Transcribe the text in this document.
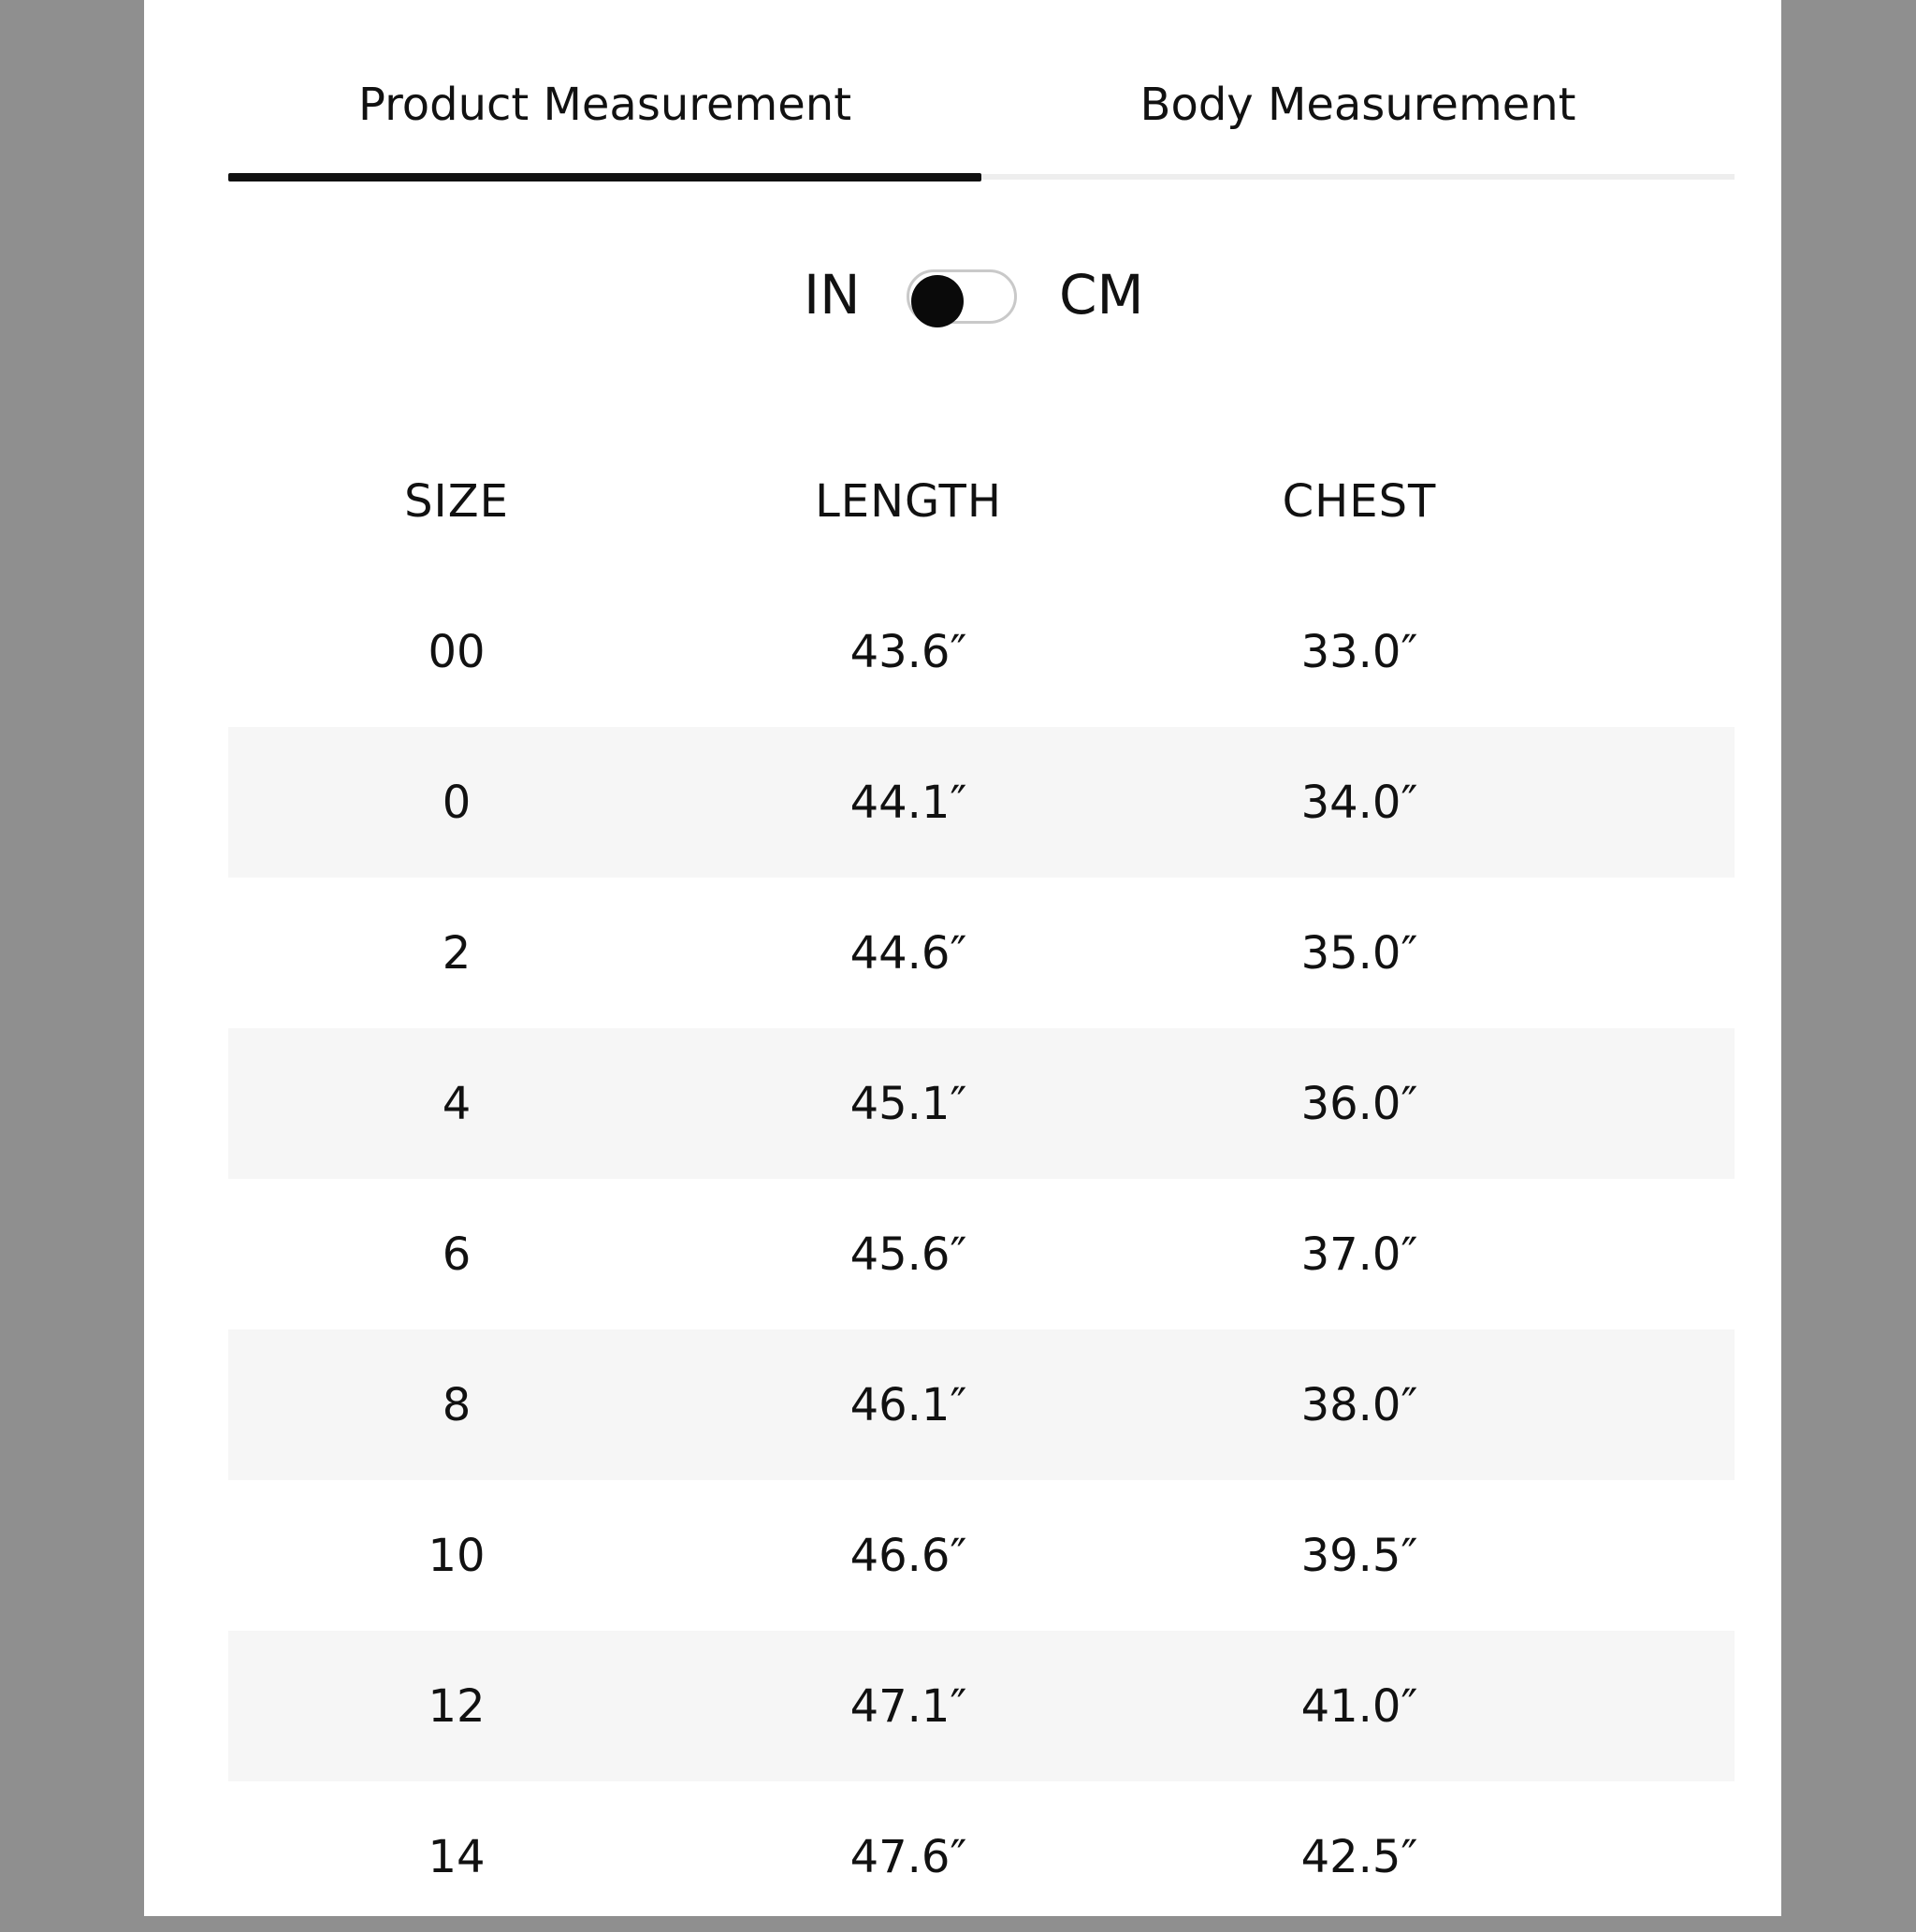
Product Measurement	Body Measurement
IN	CM
SIZE	LENGTH	CHEST
00	43.6″	33.0″
0	44.1″	34.0″
2	44.6″	35.0″
4	45.1″	36.0″
6	45.6″	37.0″
8	46.1″	38.0″
10	46.6″	39.5″
12	47.1″	41.0″
14	47.6″	42.5″
